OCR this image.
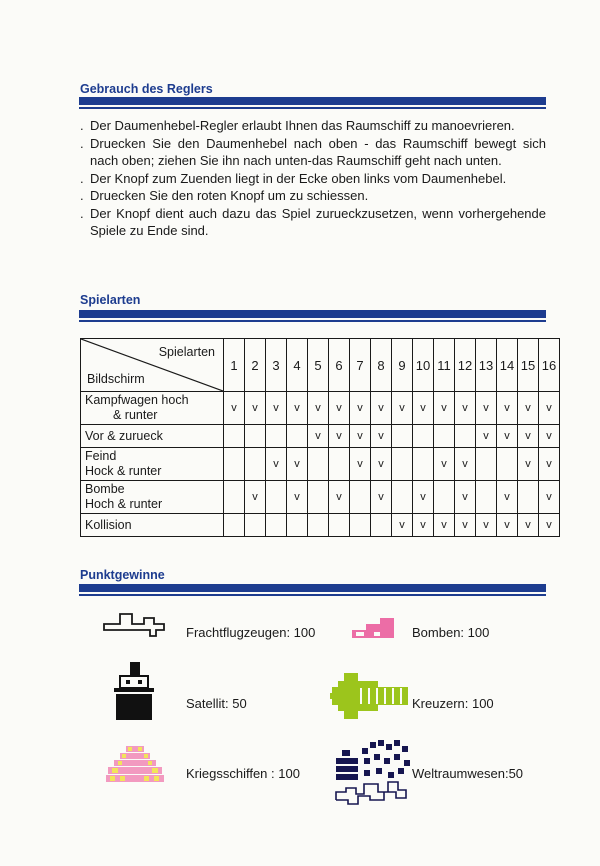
Gebrauch des Reglers
. Der Daumenhebel-Regler erlaubt Ihnen das Raumschiff zu manoevrieren.
. Druecken Sie den Daumenhebel nach oben - das Raumschiff bewegt sich nach oben; ziehen Sie ihn nach unten-das Raumschiff geht nach unten.
. Der Knopf zum Zuenden liegt in der Ecke oben links vom Daumenhebel.
. Druecken Sie den roten Knopf um zu schiessen.
. Der Knopf dient auch dazu das Spiel zurueckzusetzen, wenn vorhergehende Spiele zu Ende sind.
Spielarten
Spielarten
Bildschirm	1	2	3	4	5	6	7	8	9	10	11	12	13	14	15	16

Kampfwagen hoch
& runter	v	v	v	v	v	v	v	v	v	v	v	v	v	v	v	v

Vor & zurueck					v	v	v	v					v	v	v	v

Feind
Hock & runter			v	v			v	v			v	v			v	v

Bombe
Hoch & runter		v		v		v		v		v		v		v		v

Kollision									v	v	v	v	v	v	v	v
Punktgewinne
Frachtflugzeugen: 100	Bomben: 100
Satellit: 50	Kreuzern: 100
Kriegsschiffen : 100	Weltraumwesen:50
